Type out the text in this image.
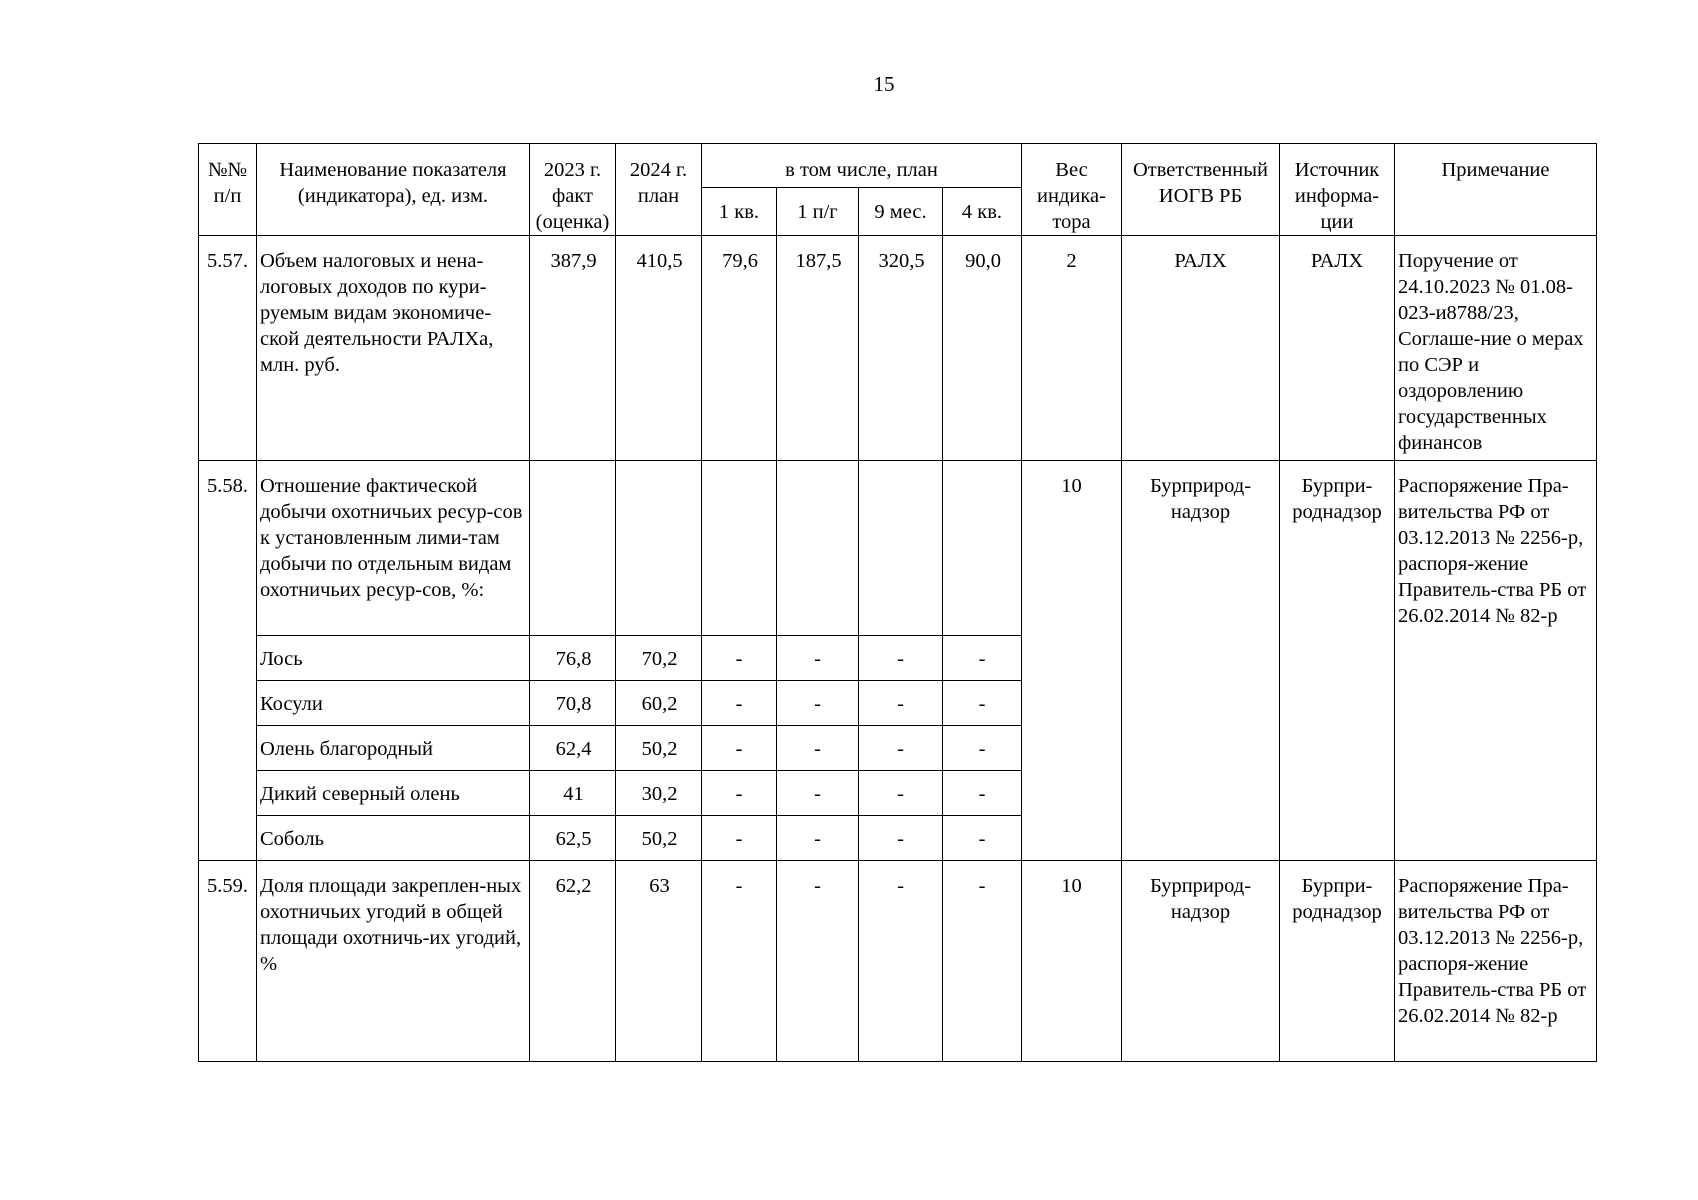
15
№№ п/п	Наименование показателя (индикатора), ед. изм.	2023 г. факт (оценка)	2024 г. план	в том числе, план				Вес индика-тора	Ответственный ИОГВ РБ	Источник информа-ции	Примечание
				1 кв.	1 п/г	9 мес.	4 кв.				
5.57.	Объем налоговых и нена-логовых доходов по кури-руемым видам экономиче-ской деятельности РАЛХа, млн. руб.	387,9	410,5	79,6	187,5	320,5	90,0	2	РАЛХ	РАЛХ	Поручение от 24.10.2023 № 01.08-023-и8788/23, Соглаше-ние о мерах по СЭР и оздоровлению государственных финансов
5.58.	Отношение фактической добычи охотничьих ресур-сов к установленным лими-там добычи по отдельным видам охотничьих ресур-сов, %:							10	Бурприрод-надзор	Бурпри-роднадзор	Распоряжение Пра-вительства РФ от 03.12.2013 № 2256-р, распоря-жение Правитель-ства РБ от 26.02.2014 № 82-р
	Лось	76,8	70,2	-	-	-	-				
	Косули	70,8	60,2	-	-	-	-				
	Олень благородный	62,4	50,2	-	-	-	-				
	Дикий северный олень	41	30,2	-	-	-	-				
	Соболь	62,5	50,2	-	-	-	-				
5.59.	Доля площади закреплен-ных охотничьих угодий в общей площади охотничь-их угодий, %	62,2	63	-	-	-	-	10	Бурприрод-надзор	Бурпри-роднадзор	Распоряжение Пра-вительства РФ от 03.12.2013 № 2256-р, распоря-жение Правитель-ства РБ от 26.02.2014 № 82-р
